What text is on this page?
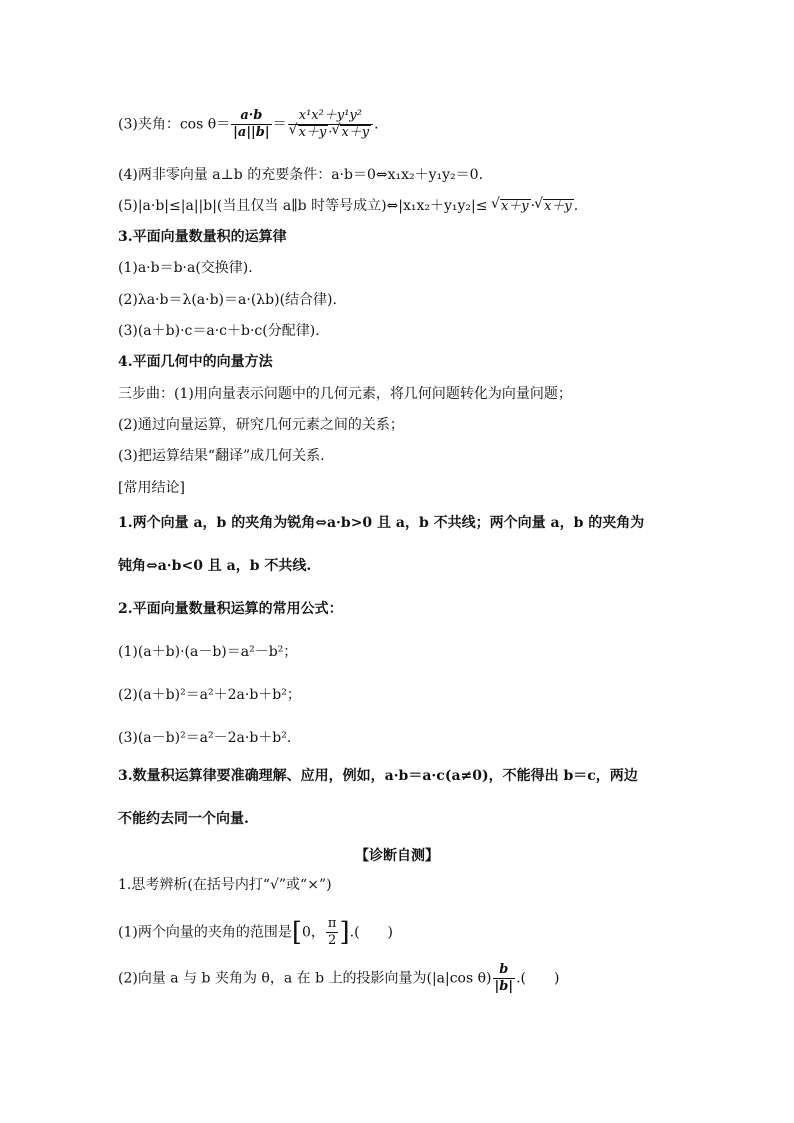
(3)夹角：$\cos \theta= \frac{a\cdot b}{|a||b|} = x^1x^2+y^1y^2$
√ x＋y · √ x＋y .
(4)两非零向量 a⊥b 的充要条件：a·b＝0⇔x₁x₂＋y₁y₂＝0.
(5)|a·b|≤|a||b|(当且仅当 a∥b 时等号成立)⇔|x₁x₂＋y₁y₂|≤ √ x＋y · √ x＋y .
3.平面向量数量积的运算律
(1)a·b＝b·a(交换律).
(2)λa·b＝λ(a·b)＝a·(λb)(结合律).
(3)(a＋b)·c＝a·c＋b·c(分配律).
4.平面几何中的向量方法
三步曲：(1)用向量表示问题中的几何元素，将几何问题转化为向量问题；
(2)通过向量运算，研究几何元素之间的关系；
(3)把运算结果“翻译”成几何关系.
[常用结论]
1.两个向量 a，b 的夹角为锐角⇔a·b>0 且 a，b 不共线；两个向量 a，b 的夹角为
钝角⇔a·b<0 且 a，b 不共线.
2.平面向量数量积运算的常用公式：
(1)(a＋b)·(a－b)＝a²－b²；
(2)(a＋b)²＝a²＋2a·b＋b²；
(3)(a－b)²＝a²－2a·b＋b².
3.数量积运算律要准确理解、应用，例如，a·b＝a·c(a≠0)，不能得出 b＝c，两边
不能约去同一个向量.
【诊断自测】
1.思考辨析(在括号内打“√”或“×”)
(1)两个向量的夹角的范围是[0， $\frac{\pi}{2}$ ].(　　)
(2)向量 a 与 b 夹角为 θ，a 在 b 上的投影向量为(|a|cos $\theta) \frac{b}{|b|}$ .(　　)
